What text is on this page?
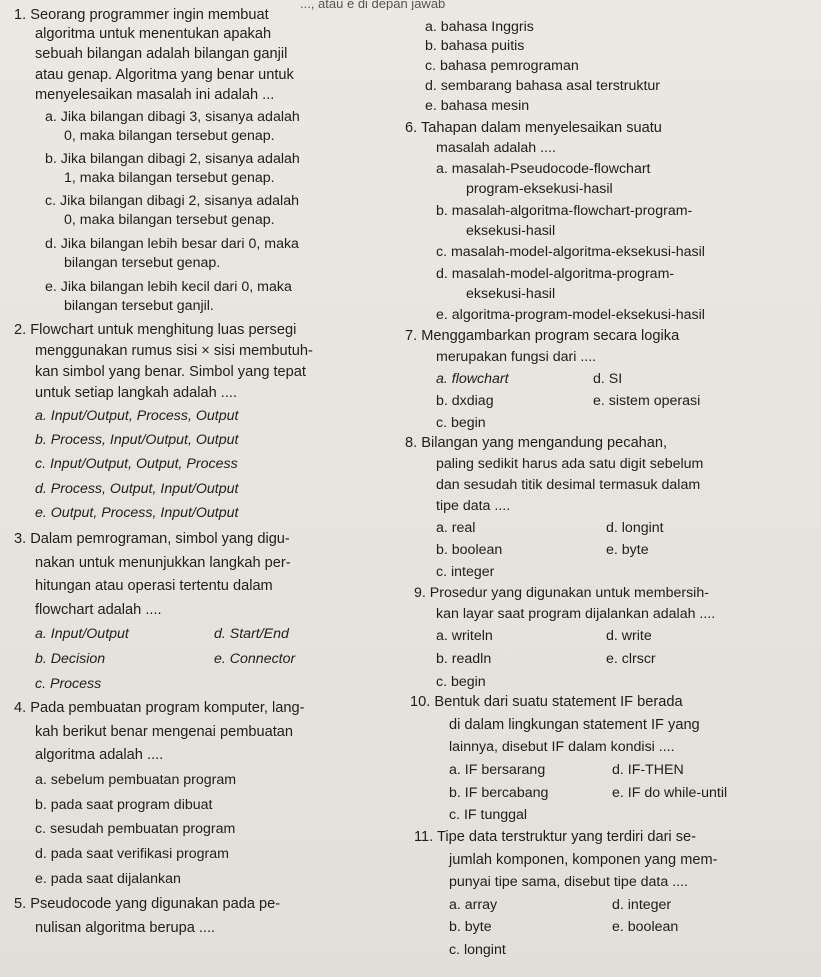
..., atau e di depan jawab
1. Seorang programmer ingin membuat
algoritma untuk menentukan apakah
sebuah bilangan adalah bilangan ganjil
atau genap. Algoritma yang benar untuk
menyelesaikan masalah ini adalah ...
a. Jika bilangan dibagi 3, sisanya adalah
0, maka bilangan tersebut genap.
b. Jika bilangan dibagi 2, sisanya adalah
1, maka bilangan tersebut genap.
c. Jika bilangan dibagi 2, sisanya adalah
0, maka bilangan tersebut genap.
d. Jika bilangan lebih besar dari 0, maka
bilangan tersebut genap.
e. Jika bilangan lebih kecil dari 0, maka
bilangan tersebut ganjil.
2. Flowchart untuk menghitung luas persegi
menggunakan rumus sisi × sisi membutuh-
kan simbol yang benar. Simbol yang tepat
untuk setiap langkah adalah ....
a. Input/Output, Process, Output
b. Process, Input/Output, Output
c. Input/Output, Output, Process
d. Process, Output, Input/Output
e. Output, Process, Input/Output
3. Dalam pemrograman, simbol yang digu-
nakan untuk menunjukkan langkah per-
hitungan atau operasi tertentu dalam
flowchart adalah ....
a. Input/Output	d. Start/End
b. Decision	e. Connector
c. Process
4. Pada pembuatan program komputer, lang-
kah berikut benar mengenai pembuatan
algoritma adalah ....
a. sebelum pembuatan program
b. pada saat program dibuat
c. sesudah pembuatan program
d. pada saat verifikasi program
e. pada saat dijalankan
5. Pseudocode yang digunakan pada pe-
nulisan algoritma berupa ....
a. bahasa Inggris
b. bahasa puitis
c. bahasa pemrograman
d. sembarang bahasa asal terstruktur
e. bahasa mesin
6. Tahapan dalam menyelesaikan suatu
masalah adalah ....
a. masalah-Pseudocode-flowchart
program-eksekusi-hasil
b. masalah-algoritma-flowchart-program-
eksekusi-hasil
c. masalah-model-algoritma-eksekusi-hasil
d. masalah-model-algoritma-program-
eksekusi-hasil
e. algoritma-program-model-eksekusi-hasil
7. Menggambarkan program secara logika
merupakan fungsi dari ....
a. flowchart	d. SI
b. dxdiag	e. sistem operasi
c. begin
8. Bilangan yang mengandung pecahan,
paling sedikit harus ada satu digit sebelum
dan sesudah titik desimal termasuk dalam
tipe data ....
a. real	d. longint
b. boolean	e. byte
c. integer
9. Prosedur yang digunakan untuk membersih-
kan layar saat program dijalankan adalah ....
a. writeln	d. write
b. readln	e. clrscr
c. begin
10. Bentuk dari suatu statement IF berada
di dalam lingkungan statement IF yang
lainnya, disebut IF dalam kondisi ....
a. IF bersarang	d. IF-THEN
b. IF bercabang	e. IF do while-until
c. IF tunggal
11. Tipe data terstruktur yang terdiri dari se-
jumlah komponen, komponen yang mem-
punyai tipe sama, disebut tipe data ....
a. array	d. integer
b. byte	e. boolean
c. longint
